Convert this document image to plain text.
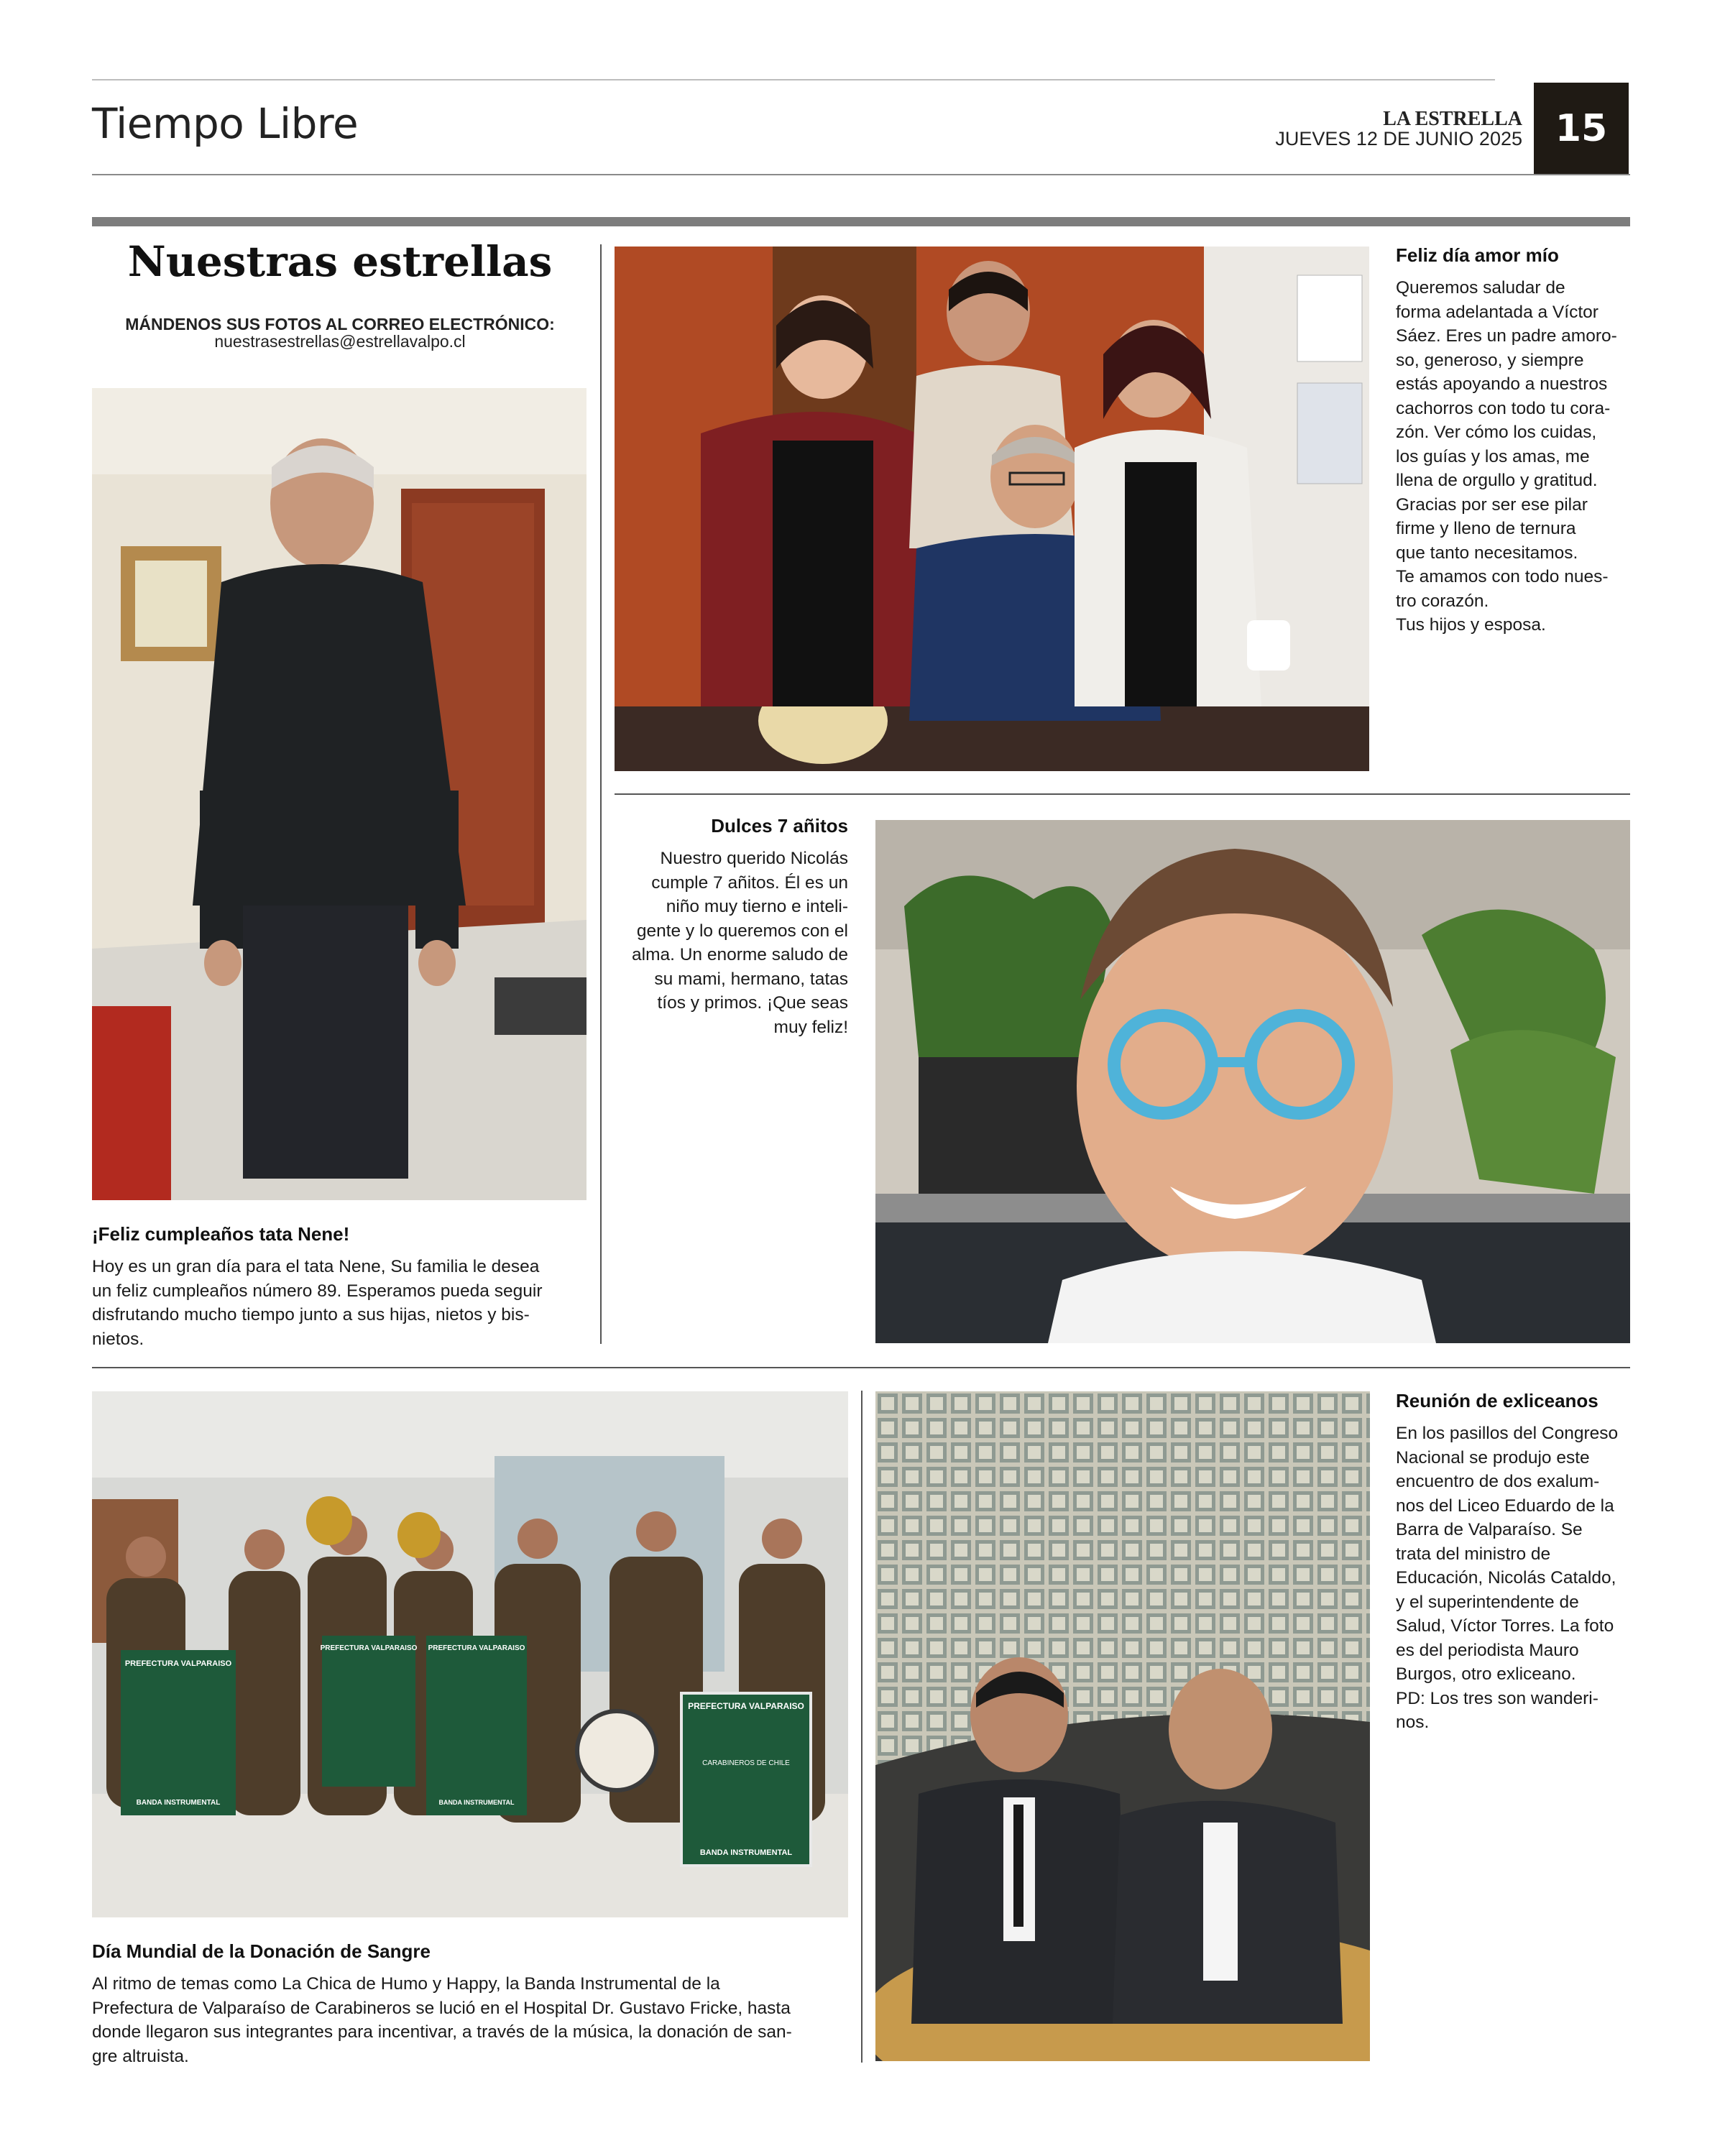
Tiempo Libre	LA ESTRELLA
JUEVES 12 DE JUNIO 2025 15
Nuestras estrellas
MÁNDENOS SUS FOTOS AL CORREO ELECTRÓNICO:
nuestrasestrellas@estrellavalpo.cl
¡Feliz cumpleaños tata Nene!
Hoy es un gran día para el tata Nene, Su familia le desea
un feliz cumpleaños número 89. Esperamos pueda seguir
disfrutando mucho tiempo junto a sus hijas, nietos y bis-
nietos.
Feliz día amor mío
Queremos saludar de
forma adelantada a Víctor
Sáez. Eres un padre amoro-
so, generoso, y siempre
estás apoyando a nuestros
cachorros con todo tu cora-
zón. Ver cómo los cuidas,
los guías y los amas, me
llena de orgullo y gratitud.
Gracias por ser ese pilar
firme y lleno de ternura
que tanto necesitamos.
Te amamos con todo nues-
tro corazón.
Tus hijos y esposa.
Dulces 7 añitos
Nuestro querido Nicolás
cumple 7 añitos. Él es un
niño muy tierno e inteli-
gente y lo queremos con el
alma. Un enorme saludo de
su mami, hermano, tatas
tíos y primos. ¡Que seas
muy feliz!
PREFECTURA VALPARAISO
BANDA INSTRUMENTAL
PREFECTURA VALPARAISO PREFECTURA VALPARAISO
BANDA INSTRUMENTAL
PREFECTURA VALPARAISO
CARABINEROS DE CHILE
BANDA INSTRUMENTAL
Día Mundial de la Donación de Sangre
Al ritmo de temas como La Chica de Humo y Happy, la Banda Instrumental de la
Prefectura de Valparaíso de Carabineros se lució en el Hospital Dr. Gustavo Fricke, hasta
donde llegaron sus integrantes para incentivar, a través de la música, la donación de san-
gre altruista.
Reunión de exliceanos
En los pasillos del Congreso
Nacional se produjo este
encuentro de dos exalum-
nos del Liceo Eduardo de la
Barra de Valparaíso. Se
trata del ministro de
Educación, Nicolás Cataldo,
y el superintendente de
Salud, Víctor Torres. La foto
es del periodista Mauro
Burgos, otro exliceano.
PD: Los tres son wanderi-
nos.
